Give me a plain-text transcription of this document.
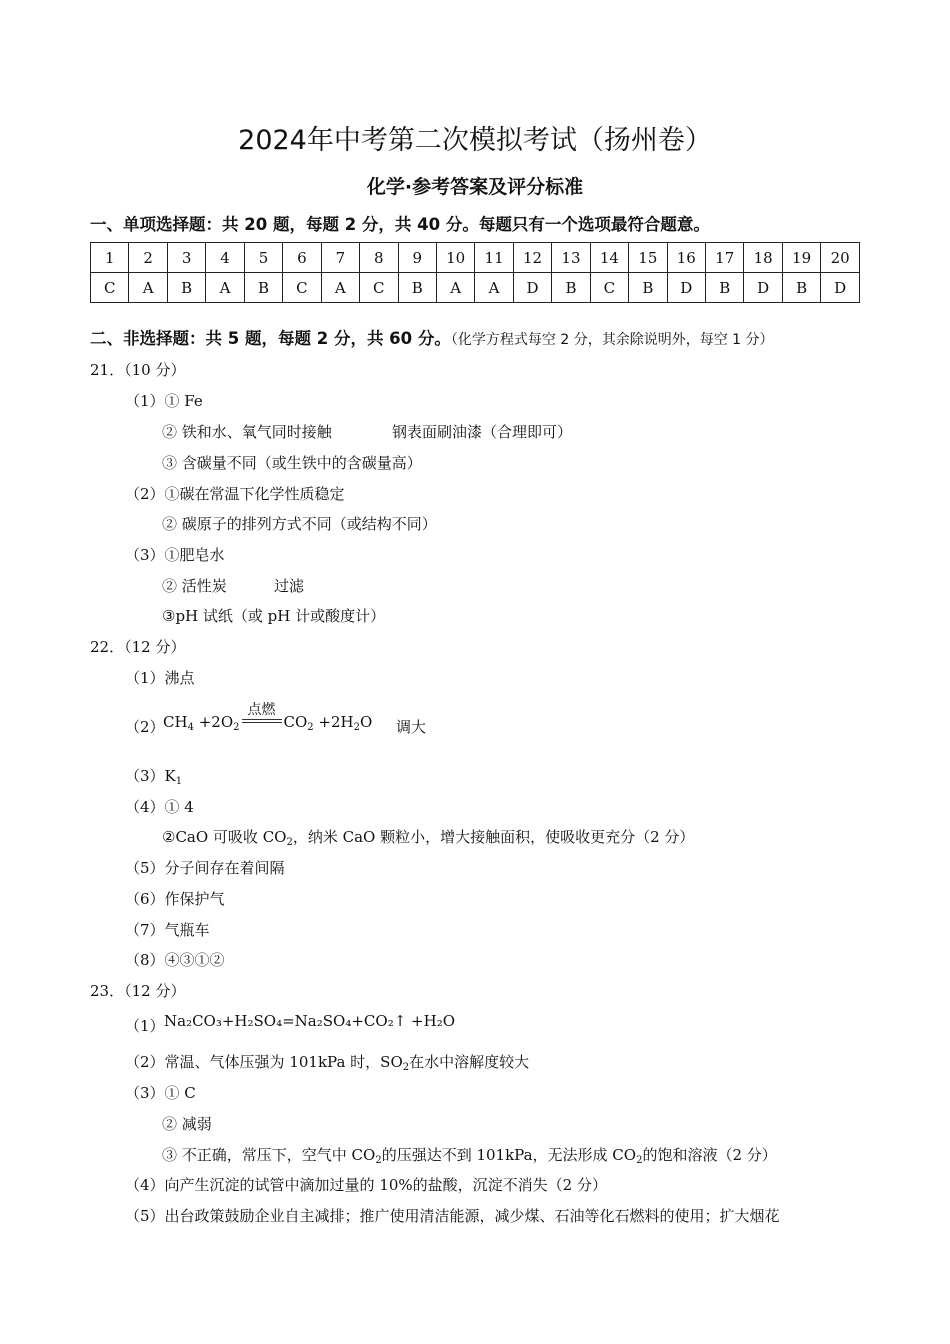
2024年中考第二次模拟考试（扬州卷）
化学·参考答案及评分标准
一、单项选择题：共 20 题，每题 2 分，共 40 分。每题只有一个选项最符合题意。
1	2	3	4	5	6	7	8	9	10	11	12	13	14	15	16	17	18	19	20
C	A	B	A	B	C	A	C	B	A	A	D	B	C	B	D	B	D	B	D
二、非选择题：共 5 题，每题 2 分，共 60 分。（化学方程式每空 2 分，其余除说明外，每空 1 分）
21．（10 分）
（1）① Fe
② 铁和水、氧气同时接触	钢表面刷油漆（合理即可）
③ 含碳量不同（或生铁中的含碳量高）
（2）①碳在常温下化学性质稳定
② 碳原子的排列方式不同（或结构不同）
（3）①肥皂水
② 活性炭	过滤
③pH 试纸（或 pH 计或酸度计）
22．（12 分）
（1）沸点
（2）
$CH_4 +2O_2$
点燃
$CO_2 +2H_2O$ 调大
$(3)K_1$
（4）① 4
②CaO 可吸收 $CO_2$，纳米 CaO 颗粒小，增大接触面积，使吸收更充分（2 分）
（5）分子间存在着间隔
（6）作保护气
（7）气瓶车
（8）④③①②
23．（12 分）
（1） Na₂CO₃+H₂SO₄=Na₂SO₄+CO₂↑ +H₂O
（2）常温、气体压强为 101kPa 时，$SO_2$在水中溶解度较大
（3）① C
② 减弱
③ 不正确，常压下，空气中 $CO_2$的压强达不到 101kPa，无法形成 $CO_2$的饱和溶液（2 分）
（4）向产生沉淀的试管中滴加过量的 10%的盐酸，沉淀不消失（2 分）
（5）出台政策鼓励企业自主减排；推广使用清洁能源，减少煤、石油等化石燃料的使用；扩大烟花
